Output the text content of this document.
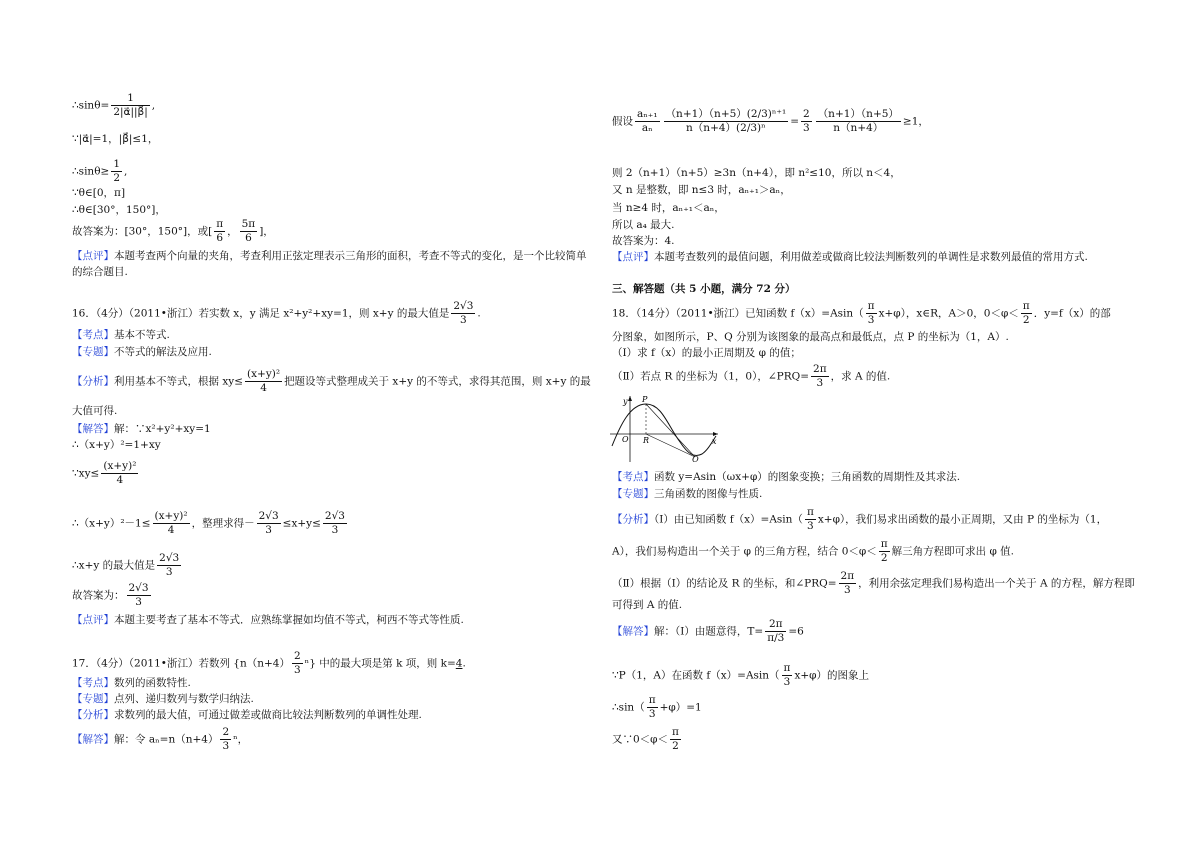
∴sinθ= $\frac{1}{2|\alpha⃗||\beta⃗|}$ ,
∵|α⃗|=1，|β⃗|≤1，
∴sinθ≥ $\frac{1}{2}$ ,
∵θ∈[0，π]
∴θ∈[30°，150°]，
故答案为：[30°，150°]，或[ $\frac{\pi}{6}$ ， $\frac{5\pi}{6}$ ]，
【点评】本题考查两个向量的夹角，考查利用正弦定理表示三角形的面积，考查不等式的变化，是一个比较简单的综合题目.
16．（4分）（2011•浙江）若实数 x，y 满足 x²+y²+xy=1，则 x+y 的最大值是 $\frac{2√3}{3}$ .
【考点】基本不等式.
【专题】不等式的解法及应用.
【分析】利用基本不等式，根据 $xy\le \frac{\text{(x+y)²}}{4}$ 把题设等式整理成关于 x+y 的不等式，求得其范围，则 x+y 的最
大值可得.
【解答】解：∵x²+y²+xy=1
∴（x+y）²=1+xy
∵xy≤ $\frac{\text{(x+y)²}}{4}$
∴（x+y）²－1≤ $\frac{\text{(x+y)²}}{4}$ ，整理求得－ $\frac{2√3}{3} \le x+y\le \frac{2√3}{3}$
∴x+y 的最大值是 $\frac{2√3}{3}$
故答案为： $\frac{2√3}{3}$
【点评】本题主要考查了基本不等式．应熟练掌握如均值不等式，柯西不等式等性质.
17．（4分）（2011•浙江）若数列 $\{n(n+4) \frac{2}{3} ^n\}$ 中的最大项是第 k 项，则 k=4.
【考点】数列的函数特性.
【专题】点列、递归数列与数学归纳法.
【分析】求数列的最大值，可通过做差或做商比较法判断数列的单调性处理.
【解答】解：令 $a_n=n(n+4) \frac{2}{3}$ ⁿ，
假设 $\frac{\text{aₙ₊₁}}{\text{aₙ}} \frac{\text{（n+1）（n+5）(2/3)ⁿ⁺¹}}{\text{n（n+4）(2/3)ⁿ}} = \frac{2}{3} \frac{(n+1)(n+5)}{n(n+4)} \ge 1$，
则 2（n+1）（n+5）≥3n（n+4），即 n²≤10，所以 n＜4，
又 n 是整数，即 n≤3 时，aₙ₊₁＞aₙ，
当 n≥4 时，aₙ₊₁＜aₙ，
所以 a₄ 最大.
故答案为：4.
【点评】本题考查数列的最值问题，利用做差或做商比较法判断数列的单调性是求数列最值的常用方式.
三、解答题（共 5 小题，满分 72 分）
18．（14分）（2011•浙江）已知函数 $f(x)=Asin( \frac{\pi}{3} x+\varphi)$，x∈R，A＞0，$0<\varphi< \frac{\pi}{2}$ ．y=f（x）的部
分图象，如图所示，P、Q 分别为该图象的最高点和最低点，点 P 的坐标为（1，A）.
（Ⅰ）求 f（x）的最小正周期及 φ 的值；
（Ⅱ）若点 R 的坐标为（1，0），∠PRQ= $\frac{2\pi}{3}$ ，求 A 的值.
y P
O R	x
Q
【考点】函数 y=Asin（ωx+φ）的图象变换；三角函数的周期性及其求法.
【专题】三角函数的图像与性质.
【分析】（Ⅰ）由已知函数 $f(x)=Asin( \frac{\pi}{3} x+\varphi)$，我们易求出函数的最小正周期，又由 P 的坐标为（1，
A），我们易构造出一个关于 φ 的三角方程，结合 $0<\varphi< \frac{\pi}{2}$ 解三角方程即可求出 φ 值.
（Ⅱ）根据（Ⅰ）的结论及 R 的坐标，和∠PRQ= $\frac{2\pi}{3}$ ，利用余弦定理我们易构造出一个关于 A 的方程，解方程即
可得到 A 的值.
【解答】解：（Ⅰ）由题意得，$T= \frac{2\pi}{\pi/3} =6$
∵P（1，A）在函数 $f(x)=Asin( \frac{\pi}{3} x+\varphi)$的图象上
∴sin（ $\frac{\pi}{3} +\varphi)=1$
又∵0＜φ＜ $\frac{\pi}{2}$
